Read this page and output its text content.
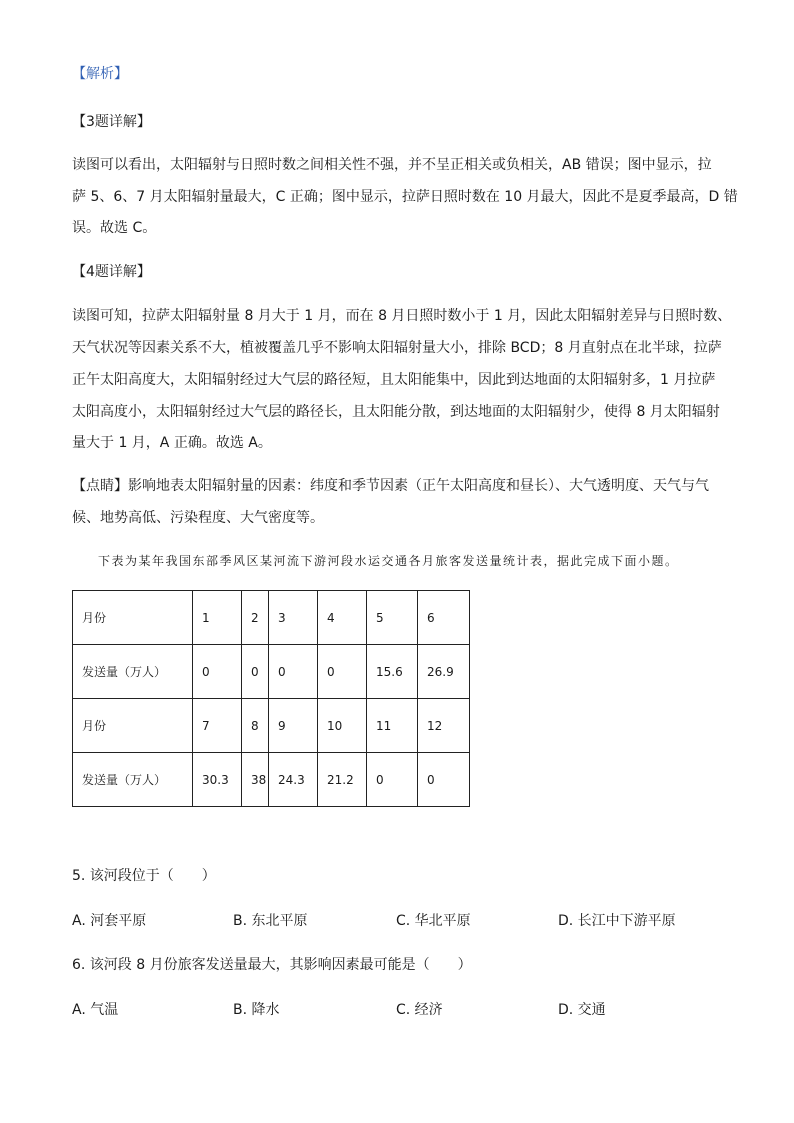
【解析】
【3题详解】
读图可以看出，太阳辐射与日照时数之间相关性不强，并不呈正相关或负相关，AB 错误；图中显示，拉
萨 5、6、7 月太阳辐射量最大，C 正确；图中显示，拉萨日照时数在 10 月最大，因此不是夏季最高，D 错
误。故选 C。
【4题详解】
读图可知，拉萨太阳辐射量 8 月大于 1 月，而在 8 月日照时数小于 1 月，因此太阳辐射差异与日照时数、
天气状况等因素关系不大，植被覆盖几乎不影响太阳辐射量大小，排除 BCD；8 月直射点在北半球，拉萨
正午太阳高度大，太阳辐射经过大气层的路径短，且太阳能集中，因此到达地面的太阳辐射多，1 月拉萨
太阳高度小，太阳辐射经过大气层的路径长，且太阳能分散，到达地面的太阳辐射少，使得 8 月太阳辐射
量大于 1 月，A 正确。故选 A。
【点睛】影响地表太阳辐射量的因素：纬度和季节因素（正午太阳高度和昼长）、大气透明度、天气与气
候、地势高低、污染程度、大气密度等。
下表为某年我国东部季风区某河流下游河段水运交通各月旅客发送量统计表，据此完成下面小题。
月份	1	2	3	4	5	6
发送量（万人）	0	0	0	0	15.6	26.9
月份	7	8	9	10	11	12
发送量（万人）	30.3	38	24.3	21.2	0	0
5. 该河段位于（　　）
A. 河套平原	B. 东北平原	C. 华北平原	D. 长江中下游平原
6. 该河段 8 月份旅客发送量最大，其影响因素最可能是（　　）
A. 气温	B. 降水	C. 经济	D. 交通
